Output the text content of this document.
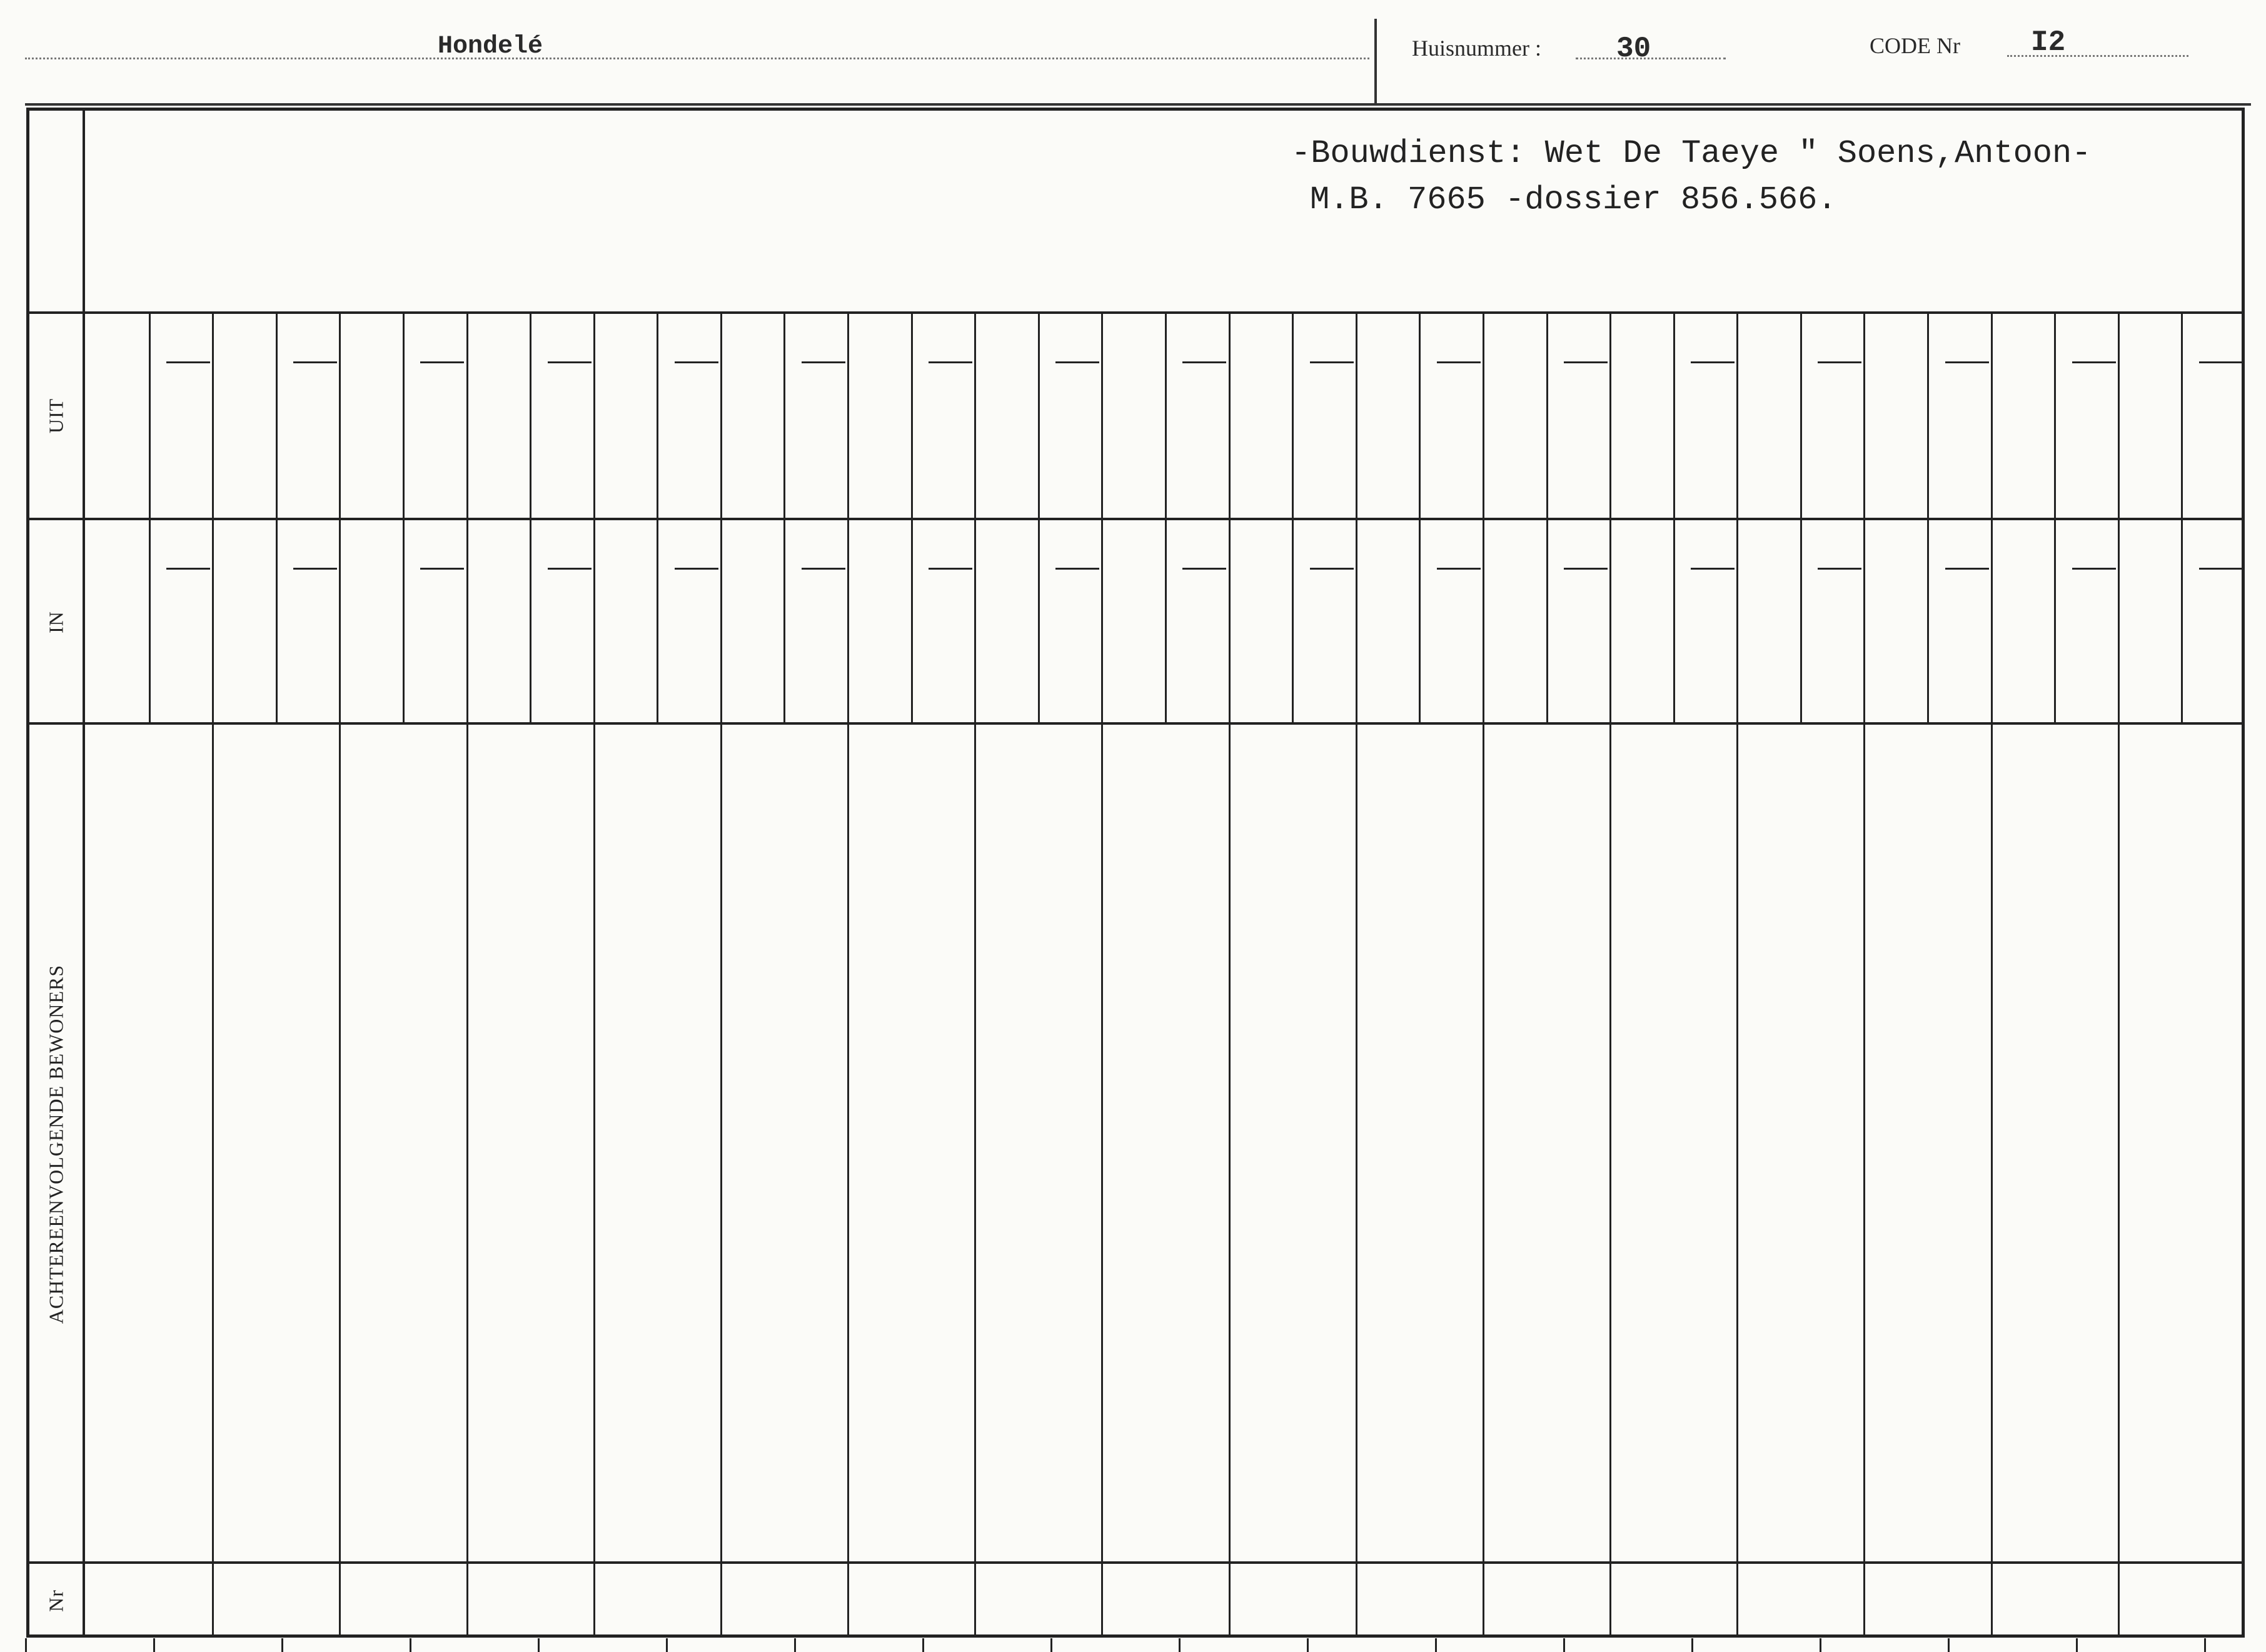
Hondelé	Huisnummer :	30	CODE Nr I2
-Bouwdienst: Wet De Taeye " Soens,Antoon-
M.B. 7665 -dossier 856.566.
UIT
IN
ACHTEREENVOLGENDE BEWONERS
Nr
